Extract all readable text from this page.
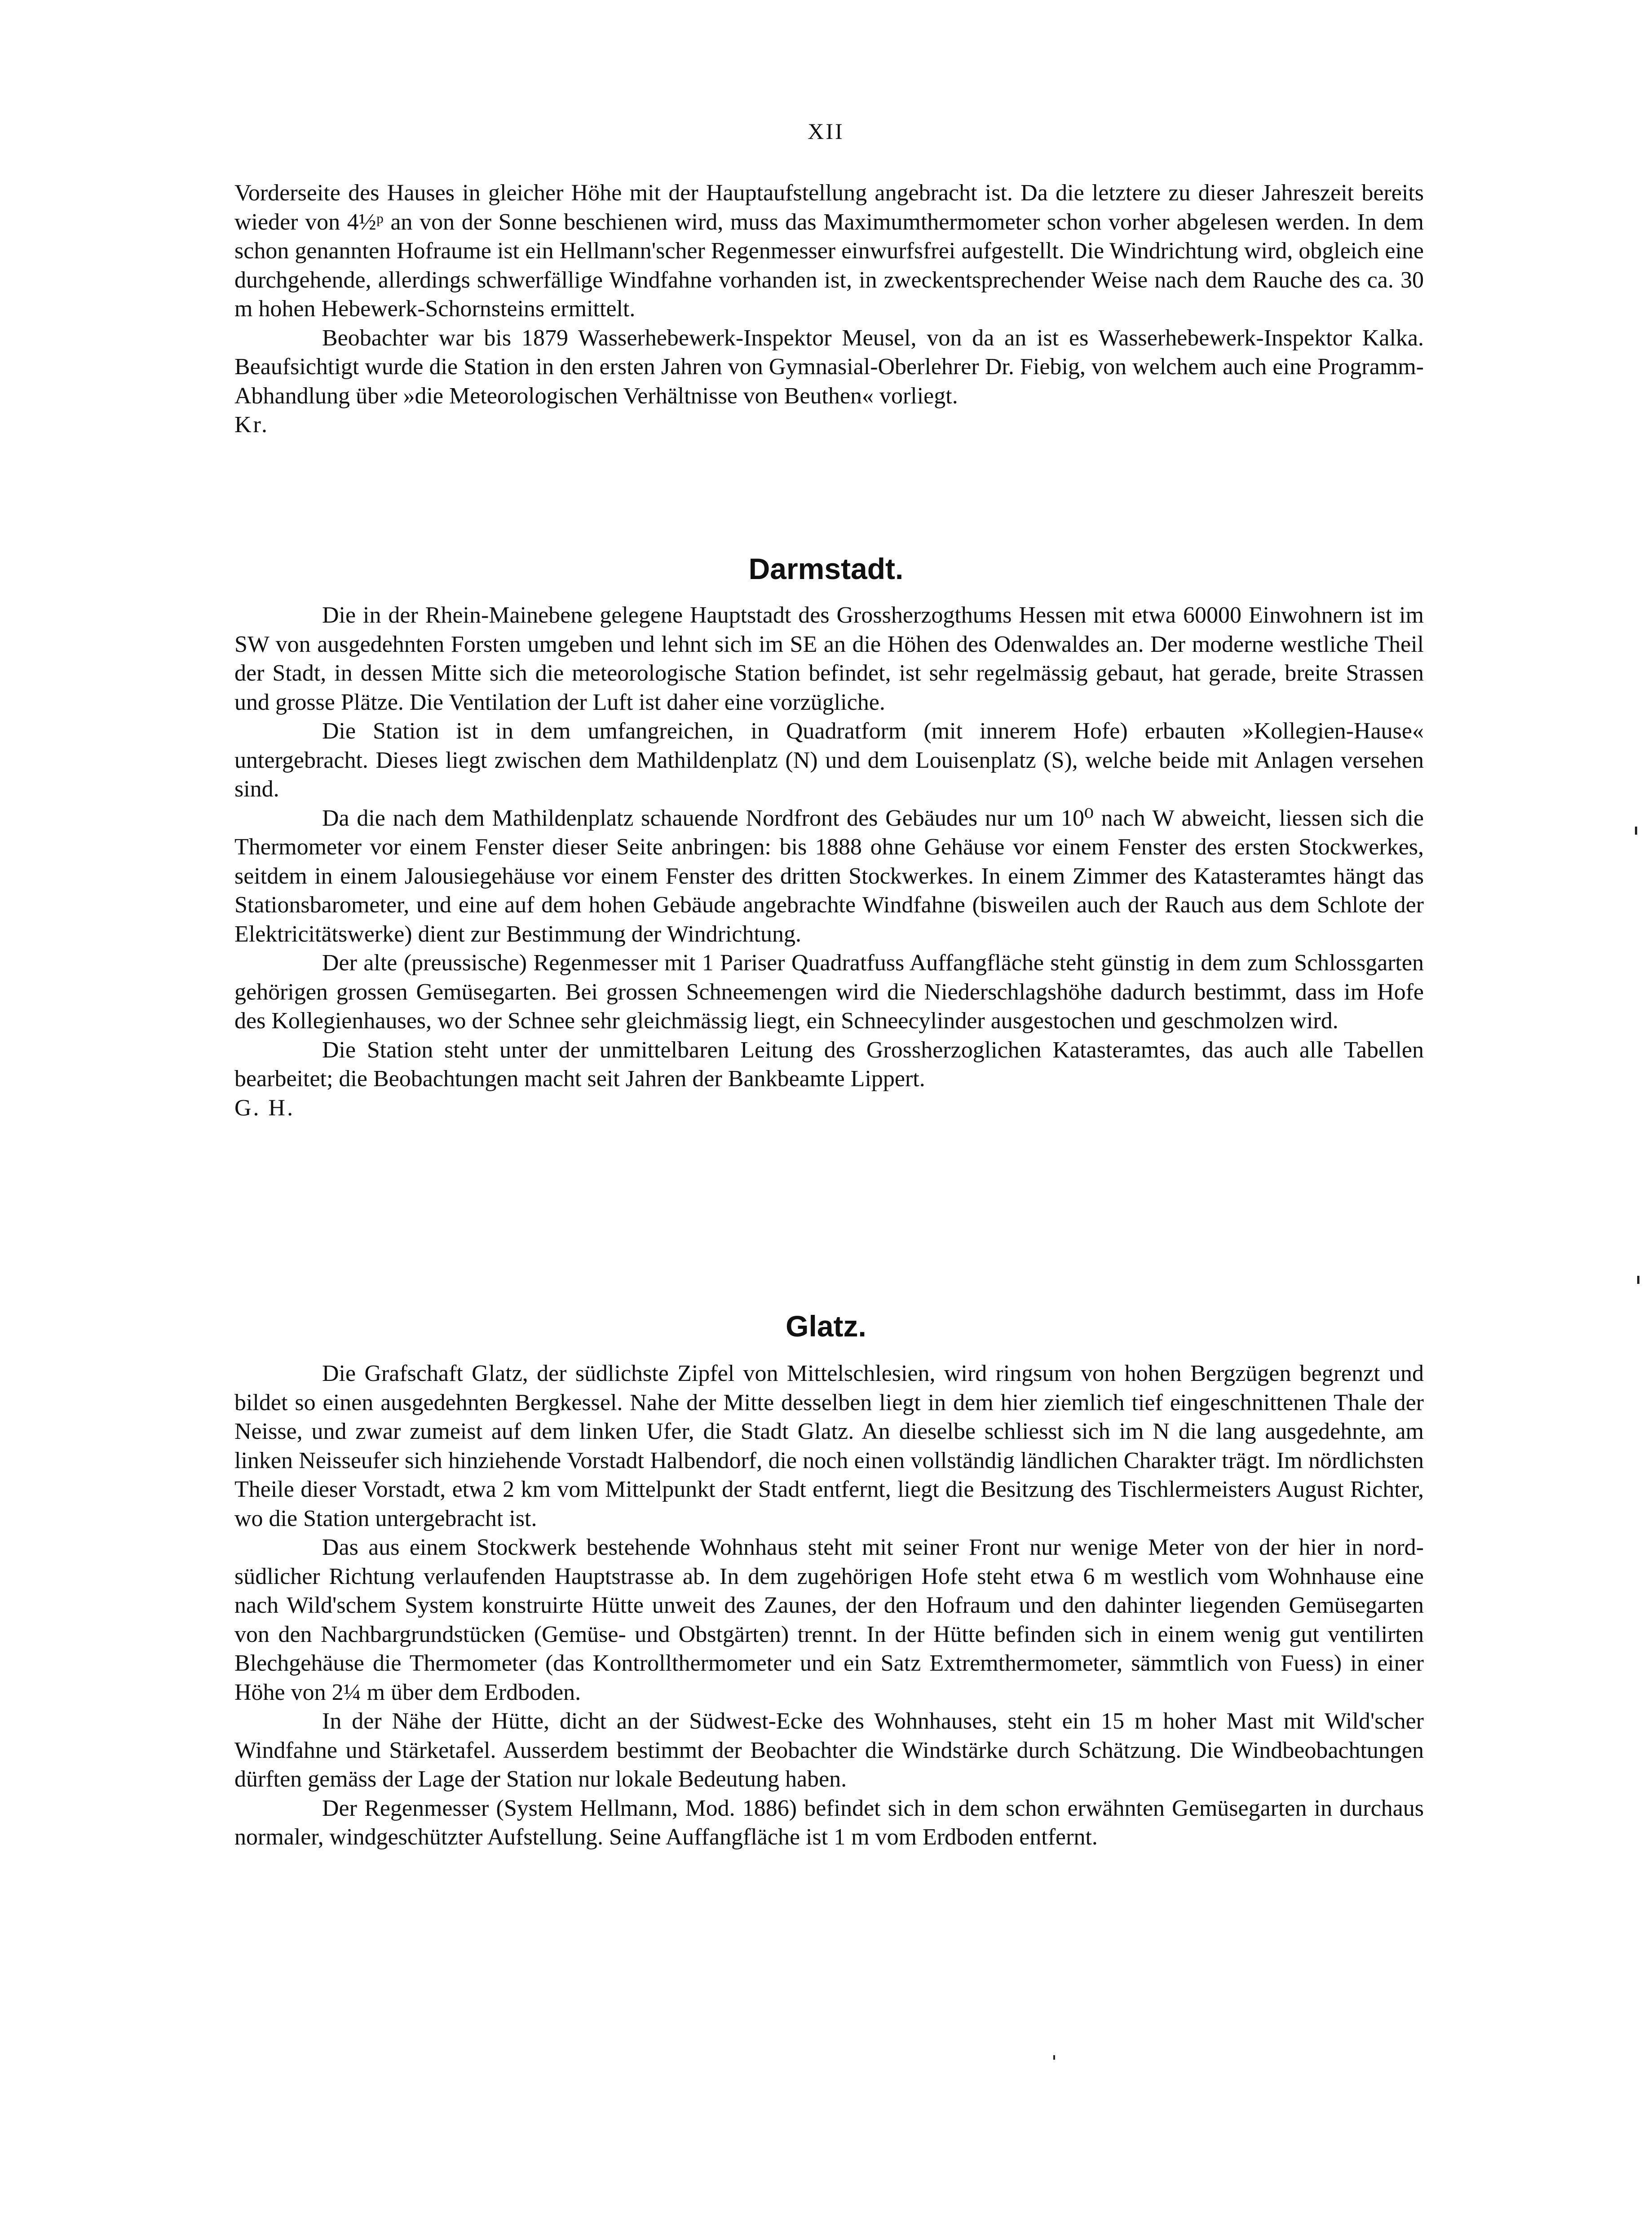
XII

Vorderseite des Hauses in gleicher Höhe mit der Hauptaufstellung angebracht ist. Da die letztere zu dieser Jahreszeit bereits wieder von 4½ᵖ an von der Sonne beschienen wird, muss das Maximumthermometer schon vorher abgelesen werden. In dem schon genannten Hofraume ist ein Hellmann'scher Regenmesser einwurfsfrei aufgestellt. Die Windrichtung wird, obgleich eine durchgehende, allerdings schwerfällige Windfahne vorhanden ist, in zweckentsprechender Weise nach dem Rauche des ca. 30 m hohen Hebewerk-Schornsteins ermittelt.

Beobachter war bis 1879 Wasserhebewerk-Inspektor Meusel, von da an ist es Wasserhebewerk-Inspektor Kalka. Beaufsichtigt wurde die Station in den ersten Jahren von Gymnasial-Oberlehrer Dr. Fiebig, von welchem auch eine Programm-Abhandlung über »die Meteorologischen Verhältnisse von Beuthen« vorliegt.

Kr.

Darmstadt.

Die in der Rhein-Mainebene gelegene Hauptstadt des Grossherzogthums Hessen mit etwa 60000 Einwohnern ist im SW von ausgedehnten Forsten umgeben und lehnt sich im SE an die Höhen des Odenwaldes an. Der moderne westliche Theil der Stadt, in dessen Mitte sich die meteorologische Station befindet, ist sehr regelmässig gebaut, hat gerade, breite Strassen und grosse Plätze. Die Ventilation der Luft ist daher eine vorzügliche.

Die Station ist in dem umfangreichen, in Quadratform (mit innerem Hofe) erbauten »Kollegien-Hause« untergebracht. Dieses liegt zwischen dem Mathildenplatz (N) und dem Louisenplatz (S), welche beide mit Anlagen versehen sind.

Da die nach dem Mathildenplatz schauende Nordfront des Gebäudes nur um 10⁰ nach W abweicht, liessen sich die Thermometer vor einem Fenster dieser Seite anbringen: bis 1888 ohne Gehäuse vor einem Fenster des ersten Stockwerkes, seitdem in einem Jalousiegehäuse vor einem Fenster des dritten Stockwerkes. In einem Zimmer des Katasteramtes hängt das Stationsbarometer, und eine auf dem hohen Gebäude angebrachte Windfahne (bisweilen auch der Rauch aus dem Schlote der Elektricitätswerke) dient zur Bestimmung der Windrichtung.

Der alte (preussische) Regenmesser mit 1 Pariser Quadratfuss Auffangfläche steht günstig in dem zum Schlossgarten gehörigen grossen Gemüsegarten. Bei grossen Schneemengen wird die Niederschlagshöhe dadurch bestimmt, dass im Hofe des Kollegienhauses, wo der Schnee sehr gleichmässig liegt, ein Schneecylinder ausgestochen und geschmolzen wird.

Die Station steht unter der unmittelbaren Leitung des Grossherzoglichen Katasteramtes, das auch alle Tabellen bearbeitet; die Beobachtungen macht seit Jahren der Bankbeamte Lippert.

G. H.

Glatz.

Die Grafschaft Glatz, der südlichste Zipfel von Mittelschlesien, wird ringsum von hohen Bergzügen begrenzt und bildet so einen ausgedehnten Bergkessel. Nahe der Mitte desselben liegt in dem hier ziemlich tief eingeschnittenen Thale der Neisse, und zwar zumeist auf dem linken Ufer, die Stadt Glatz. An dieselbe schliesst sich im N die lang ausgedehnte, am linken Neisseufer sich hinziehende Vorstadt Halbendorf, die noch einen vollständig ländlichen Charakter trägt. Im nördlichsten Theile dieser Vorstadt, etwa 2 km vom Mittelpunkt der Stadt entfernt, liegt die Besitzung des Tischlermeisters August Richter, wo die Station untergebracht ist.

Das aus einem Stockwerk bestehende Wohnhaus steht mit seiner Front nur wenige Meter von der hier in nord-südlicher Richtung verlaufenden Hauptstrasse ab. In dem zugehörigen Hofe steht etwa 6 m westlich vom Wohnhause eine nach Wild'schem System konstruirte Hütte unweit des Zaunes, der den Hofraum und den dahinter liegenden Gemüsegarten von den Nachbargrundstücken (Gemüse- und Obstgärten) trennt. In der Hütte befinden sich in einem wenig gut ventilirten Blechgehäuse die Thermometer (das Kontrollthermometer und ein Satz Extremthermometer, sämmtlich von Fuess) in einer Höhe von 2¼ m über dem Erdboden.

In der Nähe der Hütte, dicht an der Südwest-Ecke des Wohnhauses, steht ein 15 m hoher Mast mit Wild'scher Windfahne und Stärketafel. Ausserdem bestimmt der Beobachter die Windstärke durch Schätzung. Die Windbeobachtungen dürften gemäss der Lage der Station nur lokale Bedeutung haben.

Der Regenmesser (System Hellmann, Mod. 1886) befindet sich in dem schon erwähnten Gemüsegarten in durchaus normaler, windgeschützter Aufstellung. Seine Auffangfläche ist 1 m vom Erdboden entfernt.
